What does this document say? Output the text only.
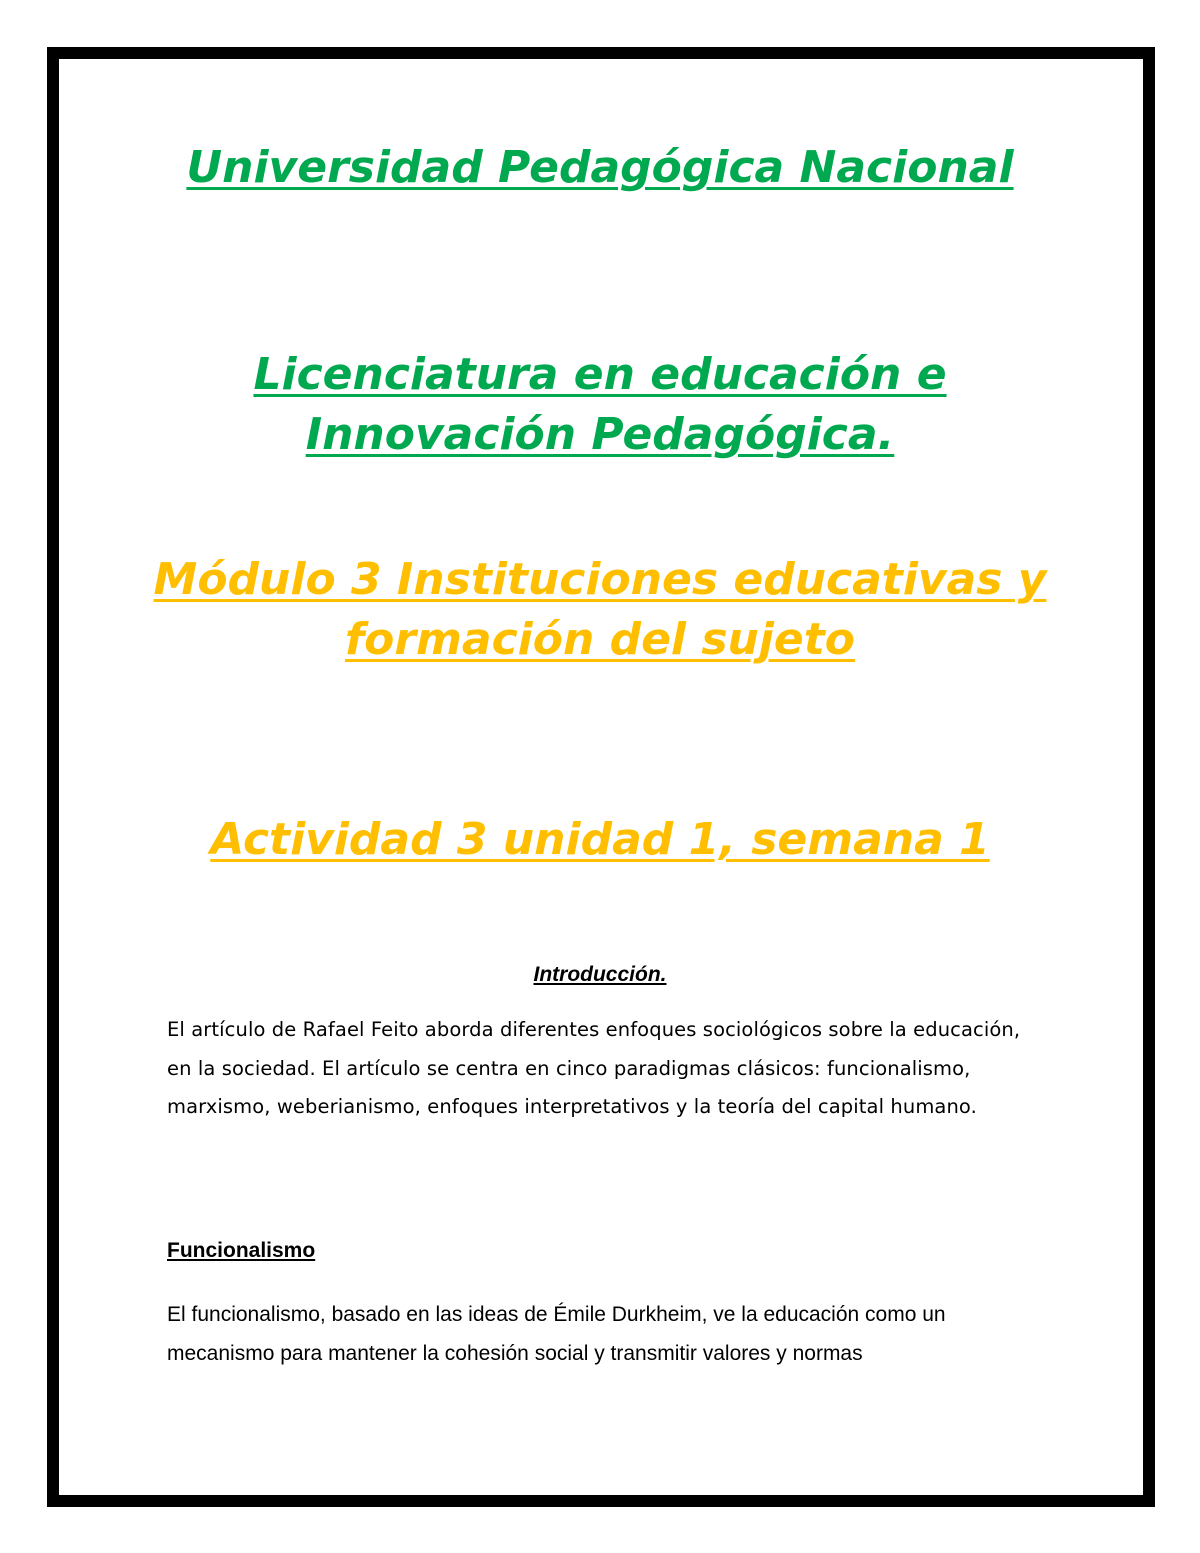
Universidad Pedagógica Nacional
Licenciatura en educación e Innovación Pedagógica.
Módulo 3 Instituciones educativas y formación del sujeto
Actividad 3 unidad 1, semana 1
Introducción.

El artículo de Rafael Feito aborda diferentes enfoques sociológicos sobre la educación, en la sociedad. El artículo se centra en cinco paradigmas clásicos: funcionalismo, marxismo, weberianismo, enfoques interpretativos y la teoría del capital humano.

Funcionalismo

El funcionalismo, basado en las ideas de Émile Durkheim, ve la educación como un mecanismo para mantener la cohesión social y transmitir valores y normas
